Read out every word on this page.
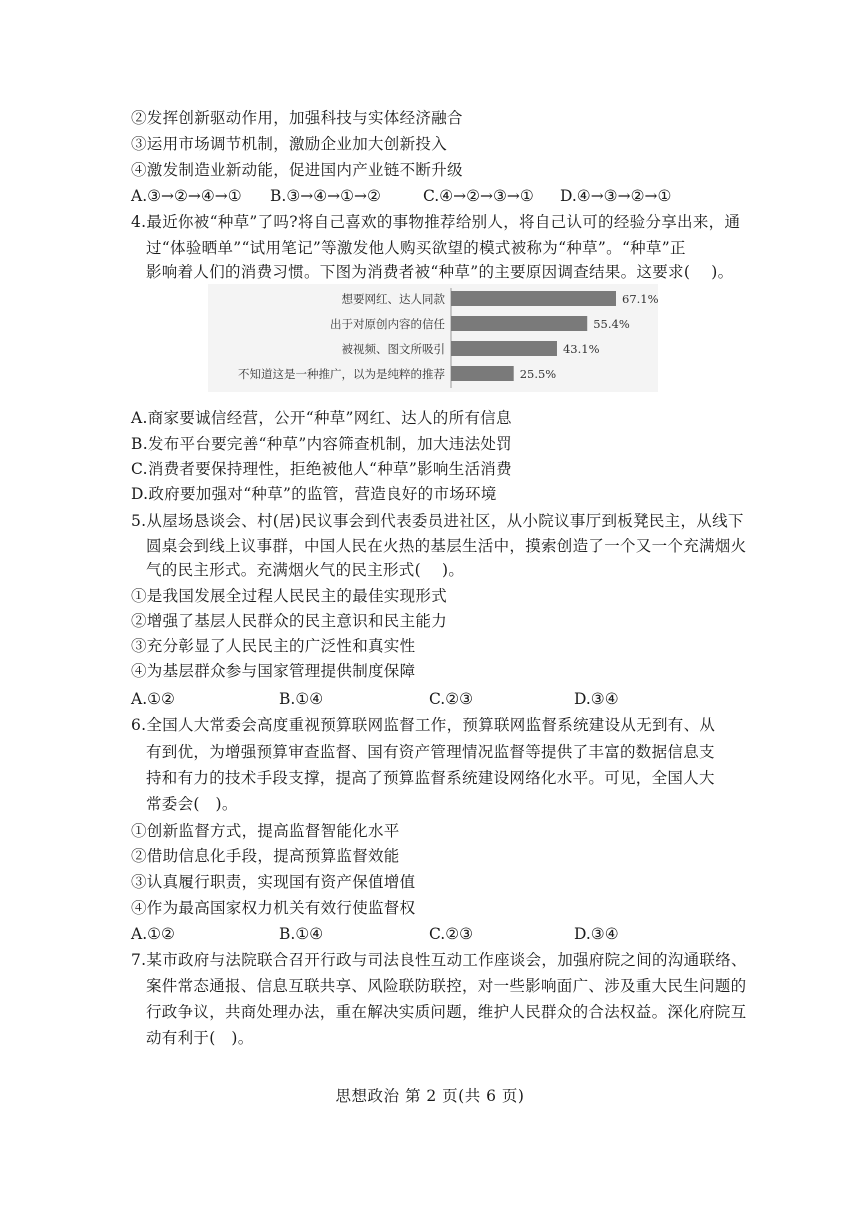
②发挥创新驱动作用，加强科技与实体经济融合
③运用市场调节机制，激励企业加大创新投入
④激发制造业新动能，促进国内产业链不断升级
A.③→②→④→① B.③→④→①→②	C.④→②→③→① D.④→③→②→①
4.最近你被“种草”了吗?将自己喜欢的事物推荐给别人，将自己认可的经验分享出来，通
过“体验晒单”“试用笔记”等激发他人购买欲望的模式被称为“种草”。“种草”正
影响着人们的消费习惯。下图为消费者被“种草”的主要原因调查结果。这要求(　 )。
想要网红、达人同款	67.1%
出于对原创内容的信任	55.4%
被视频、图文所吸引	43.1%
不知道这是一种推广，以为是纯粹的推荐	25.5%
A.商家要诚信经营，公开“种草”网红、达人的所有信息
B.发布平台要完善“种草”内容筛查机制，加大违法处罚
C.消费者要保持理性，拒绝被他人“种草”影响生活消费
D.政府要加强对“种草”的监管，营造良好的市场环境
5.从屋场恳谈会、村(居)民议事会到代表委员进社区，从小院议事厅到板凳民主，从线下
圆桌会到线上议事群，中国人民在火热的基层生活中，摸索创造了一个又一个充满烟火
气的民主形式。充满烟火气的民主形式(　 )。
①是我国发展全过程人民民主的最佳实现形式
②增强了基层人民群众的民主意识和民主能力
③充分彰显了人民民主的广泛性和真实性
④为基层群众参与国家管理提供制度保障
A.①②	B.①④	C.②③	D.③④
6.全国人大常委会高度重视预算联网监督工作，预算联网监督系统建设从无到有、从
有到优，为增强预算审查监督、国有资产管理情况监督等提供了丰富的数据信息支
持和有力的技术手段支撑，提高了预算监督系统建设网络化水平。可见，全国人大
常委会(　)。
①创新监督方式，提高监督智能化水平
②借助信息化手段，提高预算监督效能
③认真履行职责，实现国有资产保值增值
④作为最高国家权力机关有效行使监督权
A.①②	B.①④	C.②③	D.③④
7.某市政府与法院联合召开行政与司法良性互动工作座谈会，加强府院之间的沟通联络、
案件常态通报、信息互联共享、风险联防联控，对一些影响面广、涉及重大民生问题的
行政争议，共商处理办法，重在解决实质问题，维护人民群众的合法权益。深化府院互
动有利于(　)。
思想政治 第 2 页(共 6 页)
